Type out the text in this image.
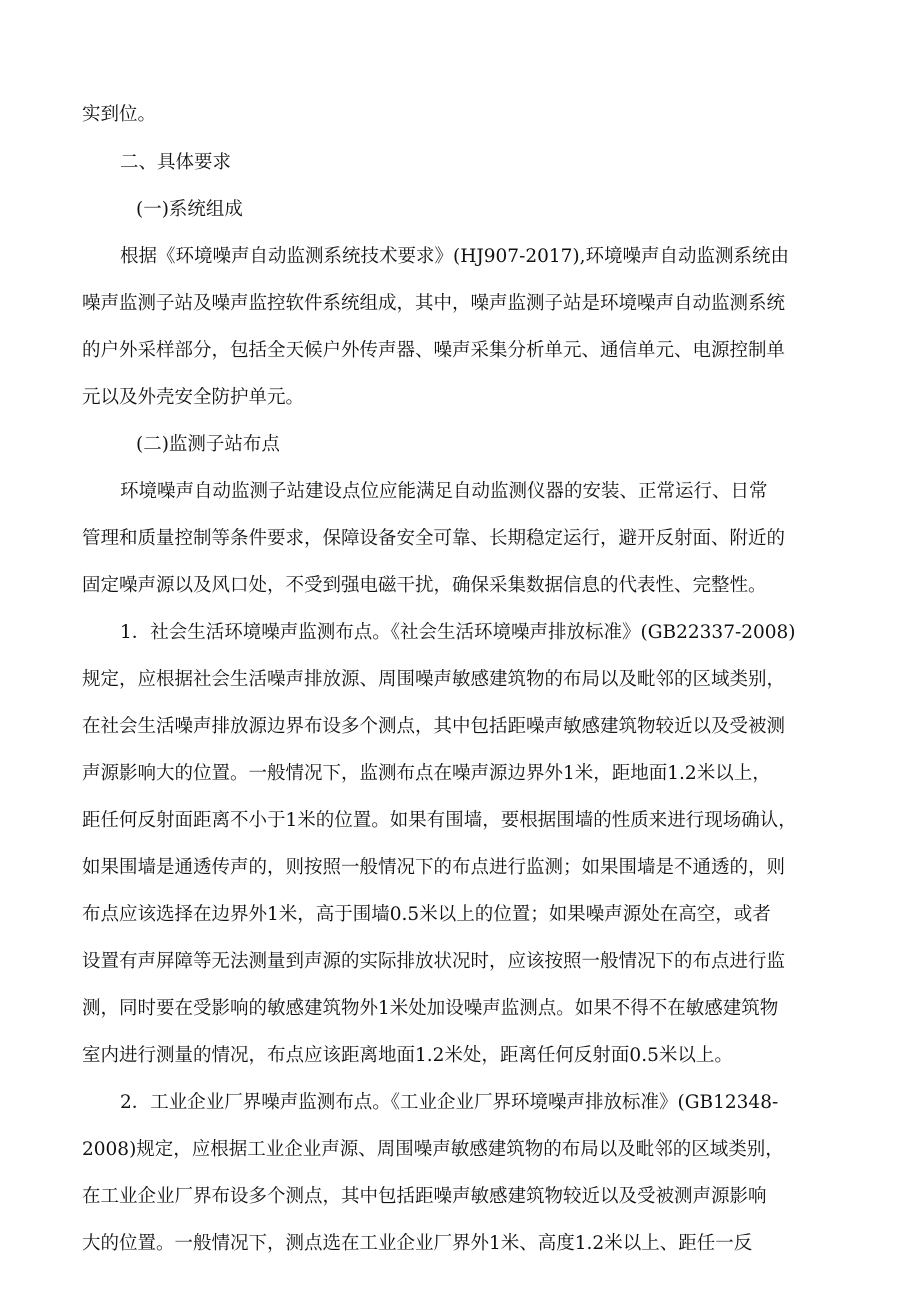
实到位。

二、具体要求

(一)系统组成

根据《环境噪声自动监测系统技术要求》(HJ907-2017),环境噪声自动监测系统由

噪声监测子站及噪声监控软件系统组成，其中，噪声监测子站是环境噪声自动监测系统

的户外采样部分，包括全天候户外传声器、噪声采集分析单元、通信单元、电源控制单

元以及外壳安全防护单元。

(二)监测子站布点

环境噪声自动监测子站建设点位应能满足自动监测仪器的安装、正常运行、日常

管理和质量控制等条件要求，保障设备安全可靠、长期稳定运行，避开反射面、附近的

固定噪声源以及风口处，不受到强电磁干扰，确保采集数据信息的代表性、完整性。

1．社会生活环境噪声监测布点。《社会生活环境噪声排放标准》(GB22337-2008)

规定，应根据社会生活噪声排放源、周围噪声敏感建筑物的布局以及毗邻的区域类别，

在社会生活噪声排放源边界布设多个测点，其中包括距噪声敏感建筑物较近以及受被测

声源影响大的位置。一般情况下，监测布点在噪声源边界外1米，距地面1.2米以上，

距任何反射面距离不小于1米的位置。如果有围墙，要根据围墙的性质来进行现场确认，

如果围墙是通透传声的，则按照一般情况下的布点进行监测；如果围墙是不通透的，则

布点应该选择在边界外1米，高于围墙0.5米以上的位置；如果噪声源处在高空，或者

设置有声屏障等无法测量到声源的实际排放状况时，应该按照一般情况下的布点进行监

测，同时要在受影响的敏感建筑物外1米处加设噪声监测点。如果不得不在敏感建筑物

室内进行测量的情况，布点应该距离地面1.2米处，距离任何反射面0.5米以上。

2．工业企业厂界噪声监测布点。《工业企业厂界环境噪声排放标准》(GB12348-

2008)规定，应根据工业企业声源、周围噪声敏感建筑物的布局以及毗邻的区域类别，

在工业企业厂界布设多个测点，其中包括距噪声敏感建筑物较近以及受被测声源影响

大的位置。一般情况下，测点选在工业企业厂界外1米、高度1.2米以上、距任一反
